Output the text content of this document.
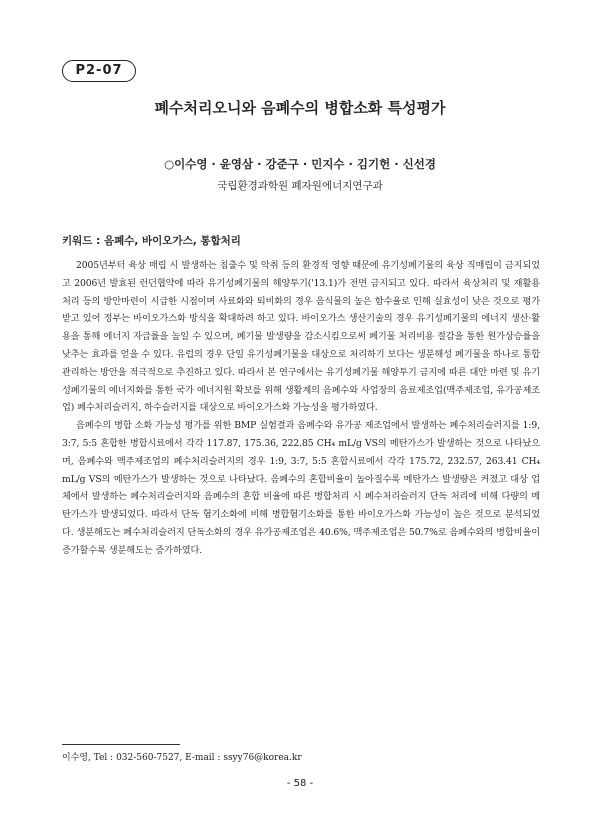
P2-07
폐수처리오니와 음폐수의 병합소화 특성평가
○이수영 · 윤영삼 · 강준구 · 민지수 · 김기헌 · 신선경
국립환경과학원 폐자원에너지연구과
키워드 : 음폐수, 바이오가스, 통합처리

2005년부터 육상 매립 시 발생하는 침출수 및 악취 등의 환경적 영향 때문에 유기성폐기물의 육상 직매립이 금지되었고 2006년 발효된 런던협약에 따라 유기성폐기물의 해양투기('13.1)가 전면 금지되고 있다. 따라서 육상처리 및 재활용처리 등의 방안마련이 시급한 시점이며 사료화와 퇴비화의 경우 음식물의 높은 함수율로 인해 실효성이 낮은 것으로 평가받고 있어 정부는 바이오가스화 방식을 확대하려 하고 있다. 바이오가스 생산기술의 경우 유기성폐기물의 에너지 생산·활용을 통해 에너지 자급률을 높일 수 있으며, 폐기물 발생량을 감소시킴으로써 폐기물 처리비용 절감을 통한 원가상승률을 낮추는 효과를 얻을 수 있다. 유럽의 경우 단일 유기성폐기물을 대상으로 처리하기 보다는 생분해성 폐기물을 하나로 통합 관리하는 방안을 적극적으로 추진하고 있다. 따라서 본 연구에서는 유기성폐기물 해양투기 금지에 따른 대안 마련 및 유기성폐기물의 에너지화를 통한 국가 에너지원 확보를 위해 생활계의 음폐수와 사업장의 음료제조업(맥주제조업, 유가공제조업) 폐수처리슬러지, 하수슬러지를 대상으로 바이오가스화 가능성을 평가하였다.

음폐수의 병합 소화 가능성 평가를 위한 BMP 실험결과 음폐수와 유가공 제조업에서 발생하는 폐수처리슬러지를 1:9, 3:7, 5:5 혼합한 병합시료에서 각각 117.87, 175.36, 222.85 CH₄ mL/g VS의 메탄가스가 발생하는 것으로 나타났으며, 음폐수와 맥주제조업의 폐수처리슬러지의 경우 1:9, 3:7, 5:5 혼합시료에서 각각 175.72, 232.57, 263.41 CH₄ mL/g VS의 메탄가스가 발생하는 것으로 나타났다. 음폐수의 혼합비율이 높아질수록 메탄가스 발생량은 커졌고 대상 업체에서 발생하는 폐수처리슬러지와 음폐수의 혼합 비율에 따른 병합처리 시 폐수처리슬러지 단독 처리에 비해 다량의 메탄가스가 발생되었다. 따라서 단독 혐기소화에 비해 병합혐기소화를 통한 바이오가스화 가능성이 높은 것으로 분석되었다. 생분해도는 폐수처리슬러지 단독소화의 경우 유가공제조업은 40.6%, 맥주제조업은 50.7%로 음폐수와의 병합비율이 증가할수록 생분해도는 증가하였다.

이수영, Tel : 032-560-7527, E-mail : ssyy76@korea.kr
- 58 -
